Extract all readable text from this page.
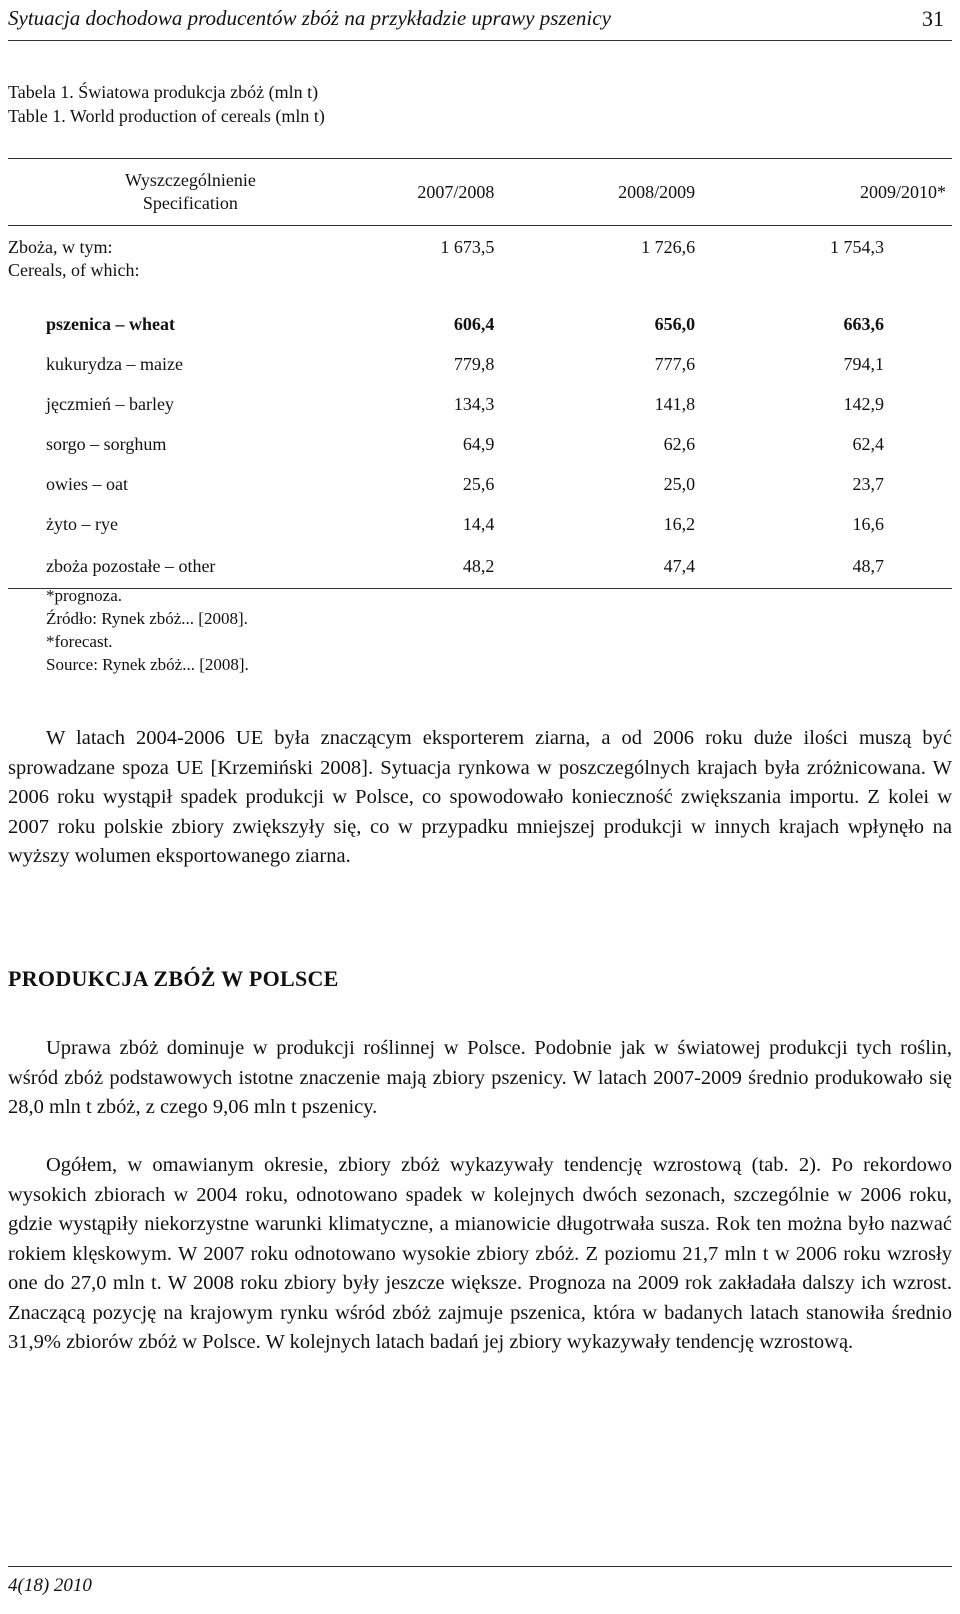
Sytuacja dochodowa producentów zbóż na przykładzie uprawy pszenicy	31
Tabela 1. Światowa produkcja zbóż (mln t)
Table 1. World production of cereals (mln t)
Wyszczególnienie
Specification	2007/2008	2008/2009	2009/2010*
Zboża, w tym:
Cereals, of which:	1 673,5	1 726,6	1 754,3
pszenica – wheat	606,4	656,0	663,6
kukurydza – maize	779,8	777,6	794,1
jęczmień – barley	134,3	141,8	142,9
sorgo – sorghum	64,9	62,6	62,4
owies – oat	25,6	25,0	23,7
żyto – rye	14,4	16,2	16,6
zboża pozostałe – other	48,2	47,4	48,7
*prognoza.
Źródło: Rynek zbóż... [2008].
*forecast.
Source: Rynek zbóż... [2008].

W latach 2004-2006 UE była znaczącym eksporterem ziarna, a od 2006 roku duże ilości muszą być sprowadzane spoza UE [Krzemiński 2008]. Sytuacja rynkowa w poszczególnych krajach była zróżnicowana. W 2006 roku wystąpił spadek produkcji w Polsce, co spowodowało konieczność zwiększania importu. Z kolei w 2007 roku polskie zbiory zwiększyły się, co w przypadku mniejszej produkcji w innych krajach wpłynęło na wyższy wolumen eksportowanego ziarna.

PRODUKCJA ZBÓŻ W POLSCE

Uprawa zbóż dominuje w produkcji roślinnej w Polsce. Podobnie jak w światowej produkcji tych roślin, wśród zbóż podstawowych istotne znaczenie mają zbiory pszenicy. W latach 2007-2009 średnio produkowało się 28,0 mln t zbóż, z czego 9,06 mln t pszenicy.

Ogółem, w omawianym okresie, zbiory zbóż wykazywały tendencję wzrostową (tab. 2). Po rekordowo wysokich zbiorach w 2004 roku, odnotowano spadek w kolejnych dwóch sezonach, szczególnie w 2006 roku, gdzie wystąpiły niekorzystne warunki klimatyczne, a mianowicie długotrwała susza. Rok ten można było nazwać rokiem klęskowym. W 2007 roku odnotowano wysokie zbiory zbóż. Z poziomu 21,7 mln t w 2006 roku wzrosły one do 27,0 mln t. W 2008 roku zbiory były jeszcze większe. Prognoza na 2009 rok zakładała dalszy ich wzrost. Znaczącą pozycję na krajowym rynku wśród zbóż zajmuje pszenica, która w badanych latach stanowiła średnio 31,9% zbiorów zbóż w Polsce. W kolejnych latach badań jej zbiory wykazywały tendencję wzrostową.

4(18) 2010
